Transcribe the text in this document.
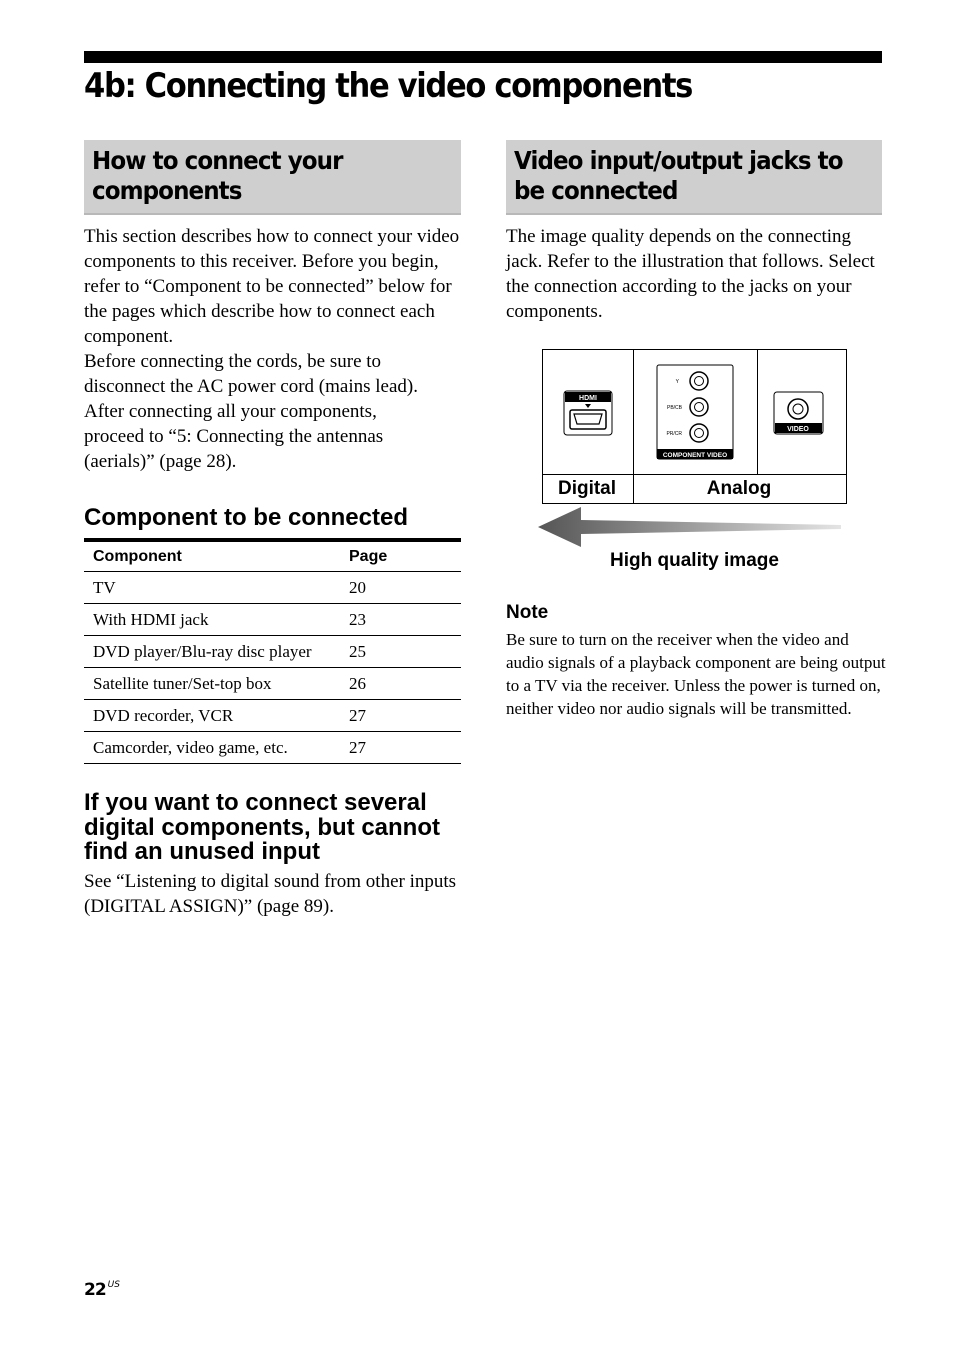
4b: Connecting the video components
How to connect your components

This section describes how to connect your video components to this receiver. Before you begin, refer to “Component to be connected” below for the pages which describe how to connect each component.

Before connecting the cords, be sure to disconnect the AC power cord (mains lead).

After connecting all your components, proceed to “5: Connecting the antennas (aerials)” (page 28).

Component to be connected
Component	Page
TV	20
With HDMI jack	23
DVD player/Blu-ray disc player	25
Satellite tuner/Set-top box	26
DVD recorder, VCR	27
Camcorder, video game, etc.	27
If you want to connect several digital components, but cannot find an unused input

See “Listening to digital sound from other inputs (DIGITAL ASSIGN)” (page 89).

Video input/output jacks to be connected

The image quality depends on the connecting jack. Refer to the illustration that follows. Select the connection according to the jacks on your components.

HDMI
Y
PB/CB
PR/CR
COMPONENT VIDEO
VIDEO
Digital	Analog
High quality image
Note

Be sure to turn on the receiver when the video and audio signals of a playback component are being output to a TV via the receiver. Unless the power is turned on, neither video nor audio signals will be transmitted.

22 $^{US}$
